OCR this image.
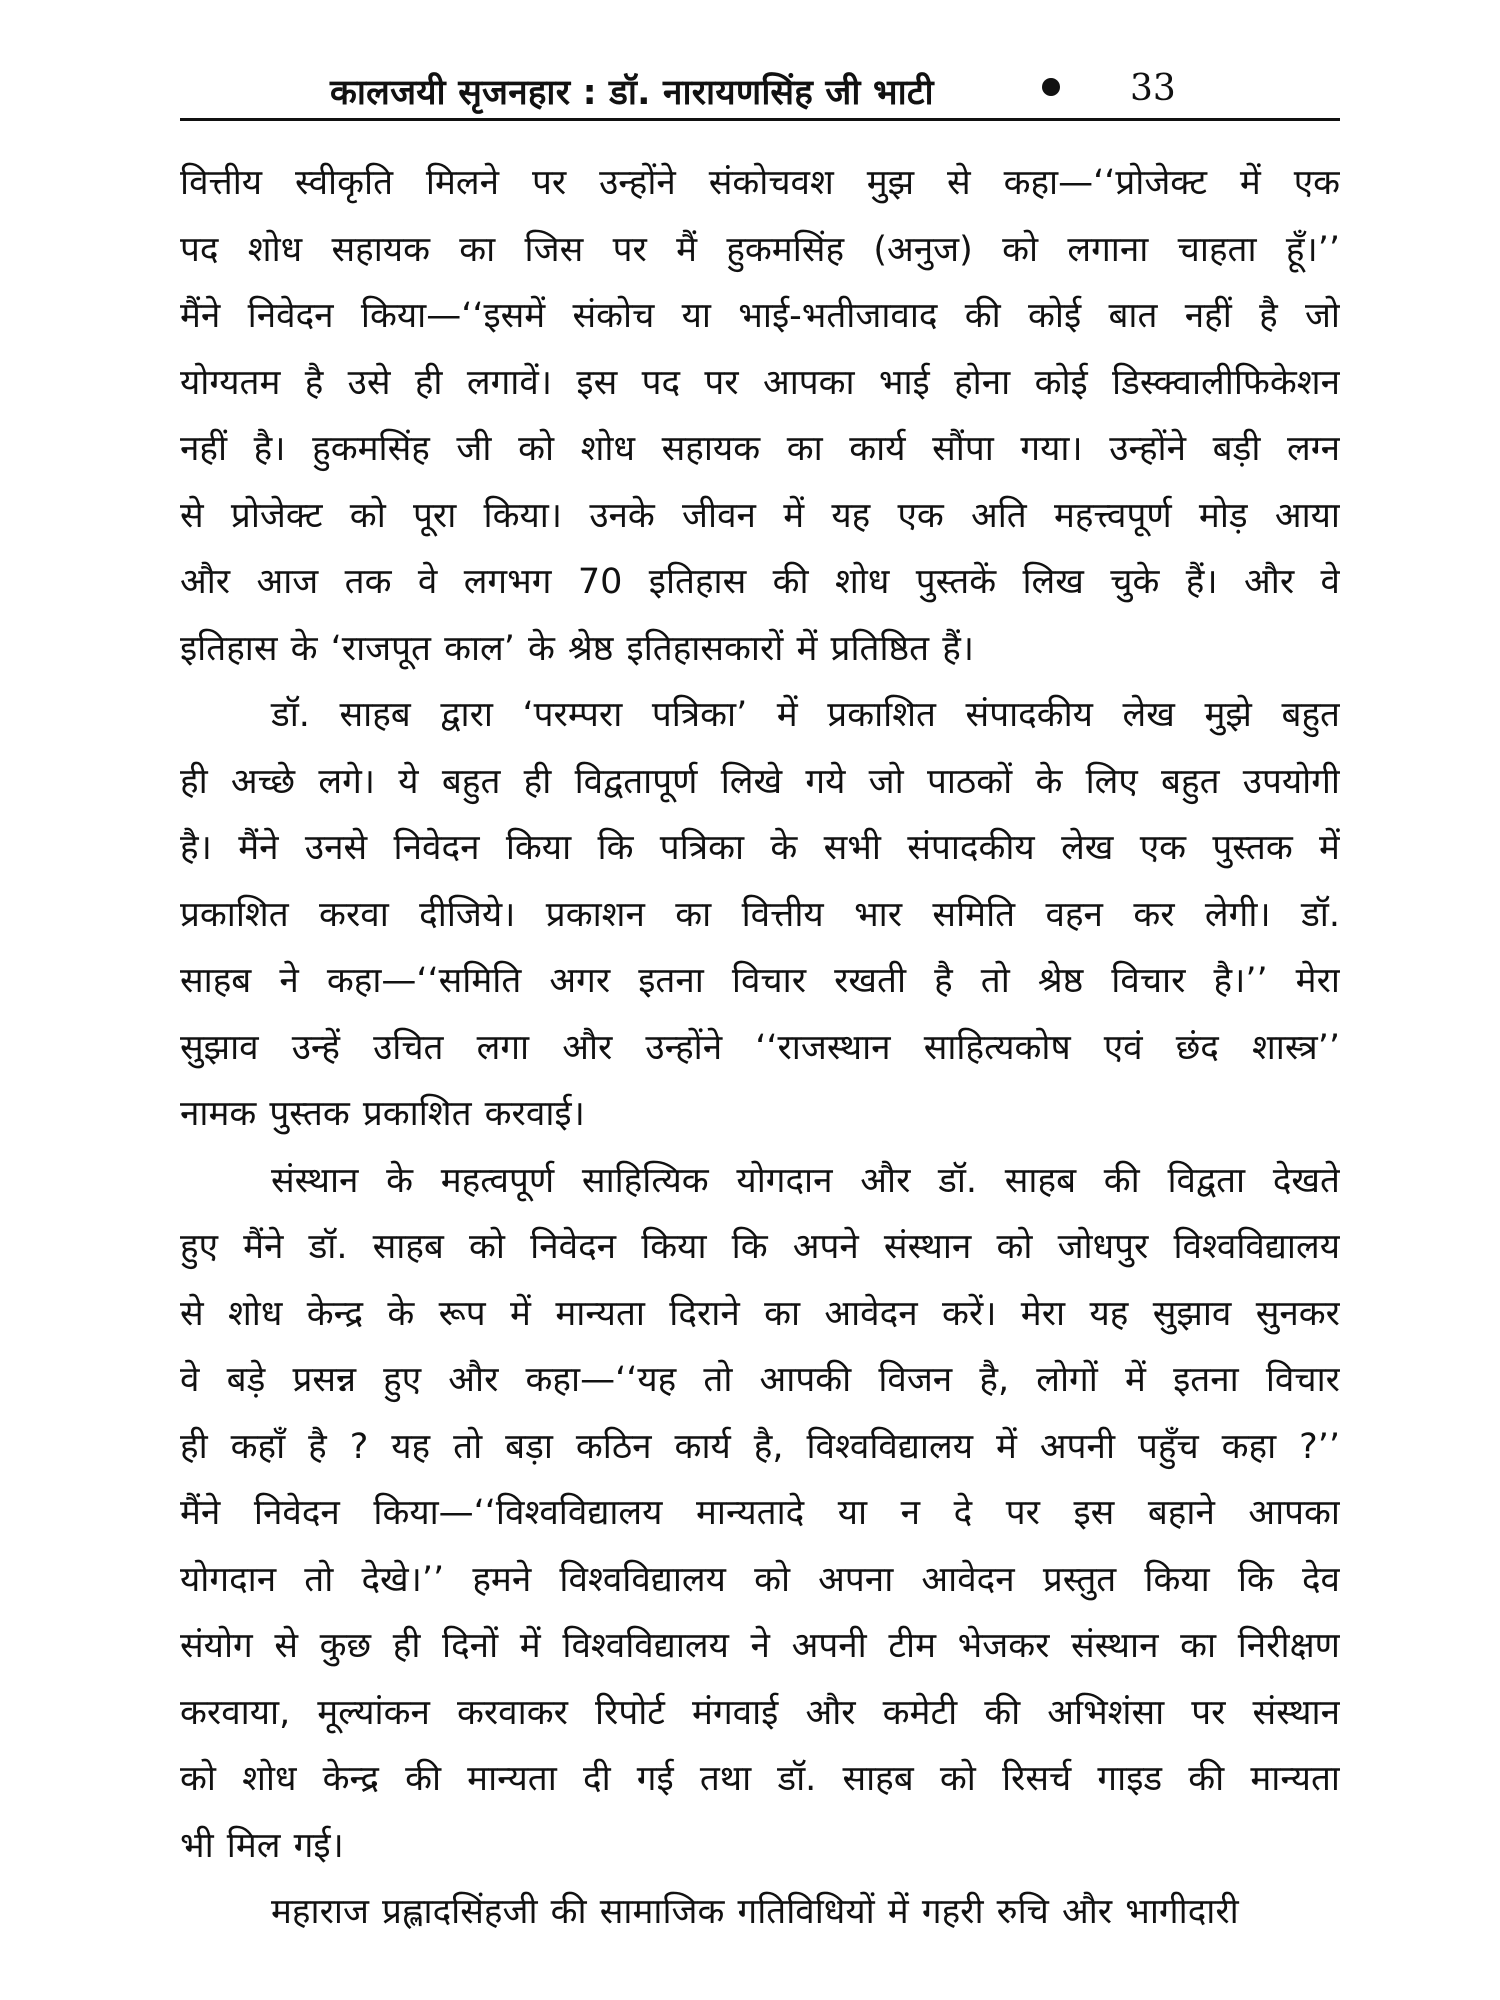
कालजयी सृजनहार : डॉ. नारायणसिंह जी भाटी	33
वित्तीय स्वीकृति मिलने पर उन्होंने संकोचवश मुझ से कहा—‘‘प्रोजेक्ट में एक
पद शोध सहायक का जिस पर मैं हुकमसिंह (अनुज) को लगाना चाहता हूँ।’’
मैंने निवेदन किया—‘‘इसमें संकोच या भाई-भतीजावाद की कोई बात नहीं है जो
योग्यतम है उसे ही लगावें। इस पद पर आपका भाई होना कोई डिस्क्वालीफिकेशन
नहीं है। हुकमसिंह जी को शोध सहायक का कार्य सौंपा गया। उन्होंने बड़ी लग्न
से प्रोजेक्ट को पूरा किया। उनके जीवन में यह एक अति महत्त्वपूर्ण मोड़ आया
और आज तक वे लगभग 70 इतिहास की शोध पुस्तकें लिख चुके हैं। और वे
इतिहास के ‘राजपूत काल’ के श्रेष्ठ इतिहासकारों में प्रतिष्ठित हैं।
डॉ. साहब द्वारा ‘परम्परा पत्रिका’ में प्रकाशित संपादकीय लेख मुझे बहुत
ही अच्छे लगे। ये बहुत ही विद्वतापूर्ण लिखे गये जो पाठकों के लिए बहुत उपयोगी
है। मैंने उनसे निवेदन किया कि पत्रिका के सभी संपादकीय लेख एक पुस्तक में
प्रकाशित करवा दीजिये। प्रकाशन का वित्तीय भार समिति वहन कर लेगी। डॉ.
साहब ने कहा—‘‘समिति अगर इतना विचार रखती है तो श्रेष्ठ विचार है।’’ मेरा
सुझाव उन्हें उचित लगा और उन्होंने ‘‘राजस्थान साहित्यकोष एवं छंद शास्त्र’’
नामक पुस्तक प्रकाशित करवाई।
संस्थान के महत्वपूर्ण साहित्यिक योगदान और डॉ. साहब की विद्वता देखते
हुए मैंने डॉ. साहब को निवेदन किया कि अपने संस्थान को जोधपुर विश्वविद्यालय
से शोध केन्द्र के रूप में मान्यता दिराने का आवेदन करें। मेरा यह सुझाव सुनकर
वे बड़े प्रसन्न हुए और कहा—‘‘यह तो आपकी विजन है, लोगों में इतना विचार
ही कहाँ है ? यह तो बड़ा कठिन कार्य है, विश्वविद्यालय में अपनी पहुँच कहा ?’’
मैंने निवेदन किया—‘‘विश्वविद्यालय मान्यतादे या न दे पर इस बहाने आपका
योगदान तो देखे।’’ हमने विश्वविद्यालय को अपना आवेदन प्रस्तुत किया कि देव
संयोग से कुछ ही दिनों में विश्वविद्यालय ने अपनी टीम भेजकर संस्थान का निरीक्षण
करवाया, मूल्यांकन करवाकर रिपोर्ट मंगवाई और कमेटी की अभिशंसा पर संस्थान
को शोध केन्द्र की मान्यता दी गई तथा डॉ. साहब को रिसर्च गाइड की मान्यता
भी मिल गई।
महाराज प्रह्लादसिंहजी की सामाजिक गतिविधियों में गहरी रुचि और भागीदारी
